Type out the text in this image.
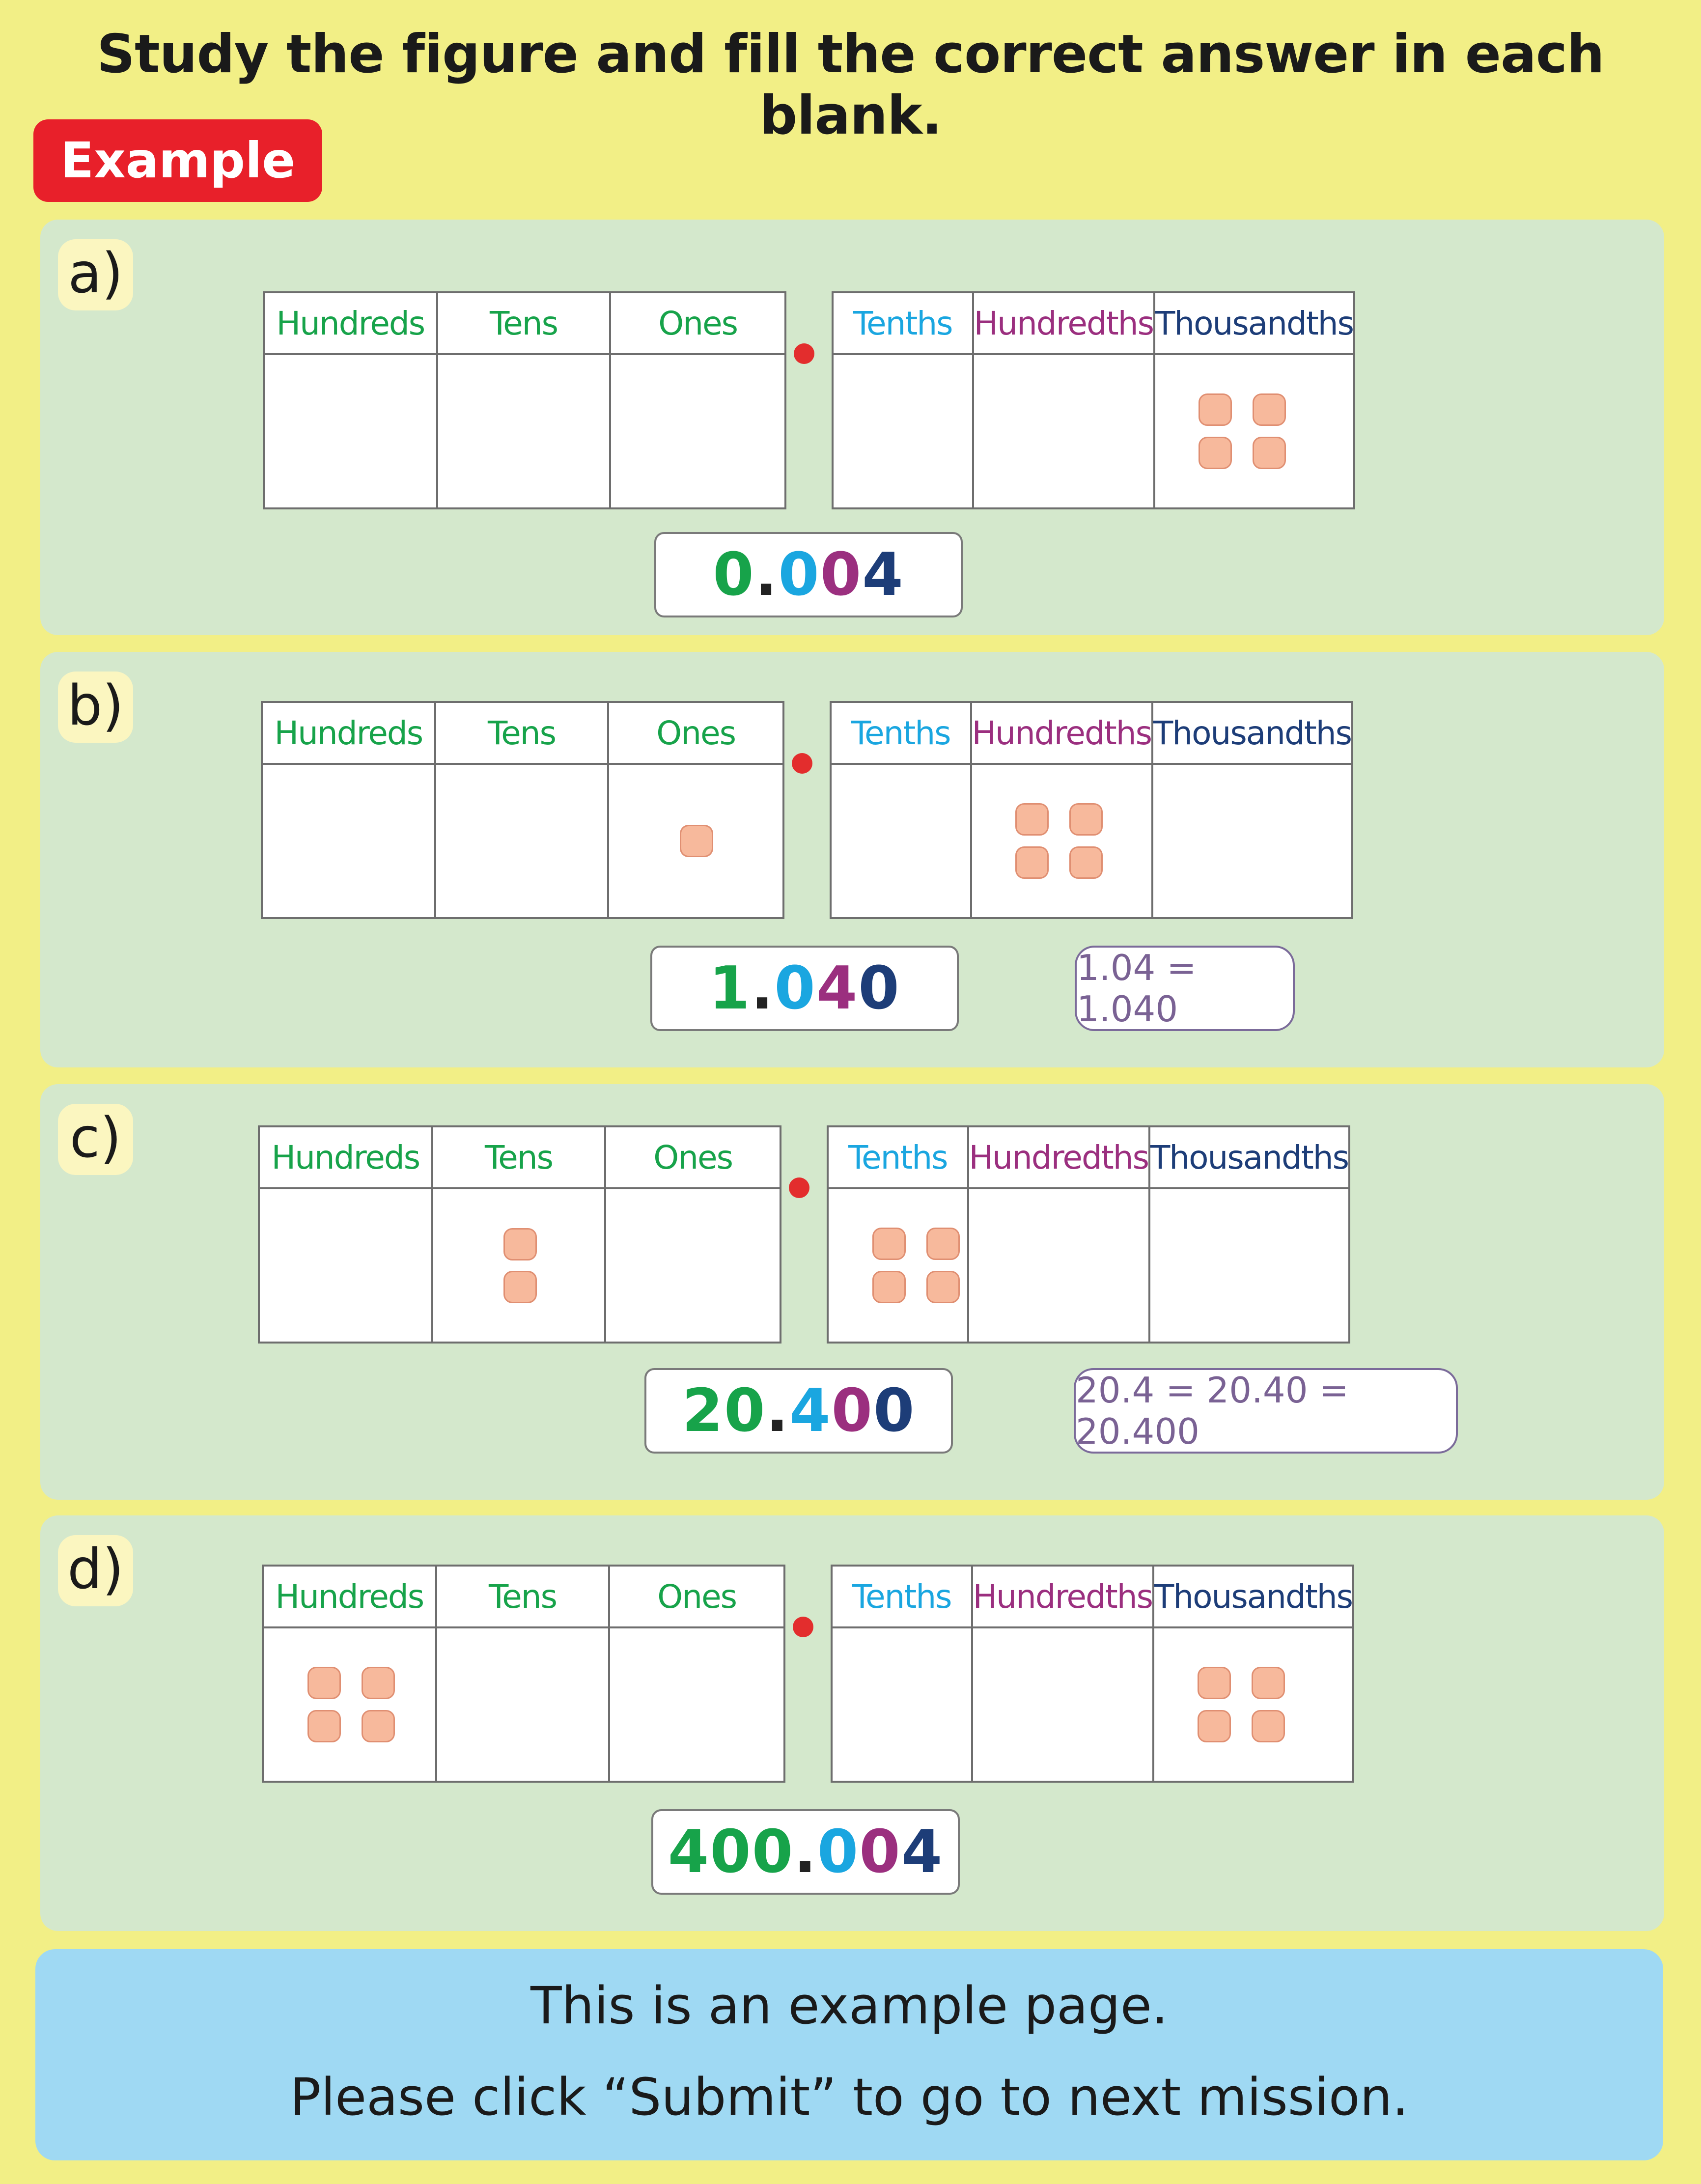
Study the figure and fill the correct answer in each blank.
Example
a)
Hundreds	Tens	Ones	Tenths Hundredths Thousandths
0 . 0 0 4
b)	Hundreds	Tens	Ones	Tenths Hundredths Thousandths
1 . 0 4 0	1.04 = 1.040
c)	Hundreds	Tens	Ones	Tenths Hundredths Thousandths
20 . 4 0 0	20.4 = 20.40 = 20.400
d)	Hundreds	Tens	Ones	Tenths Hundredths Thousandths
400 . 0 0 4
This is an example page.
Please click “Submit” to go to next mission.
